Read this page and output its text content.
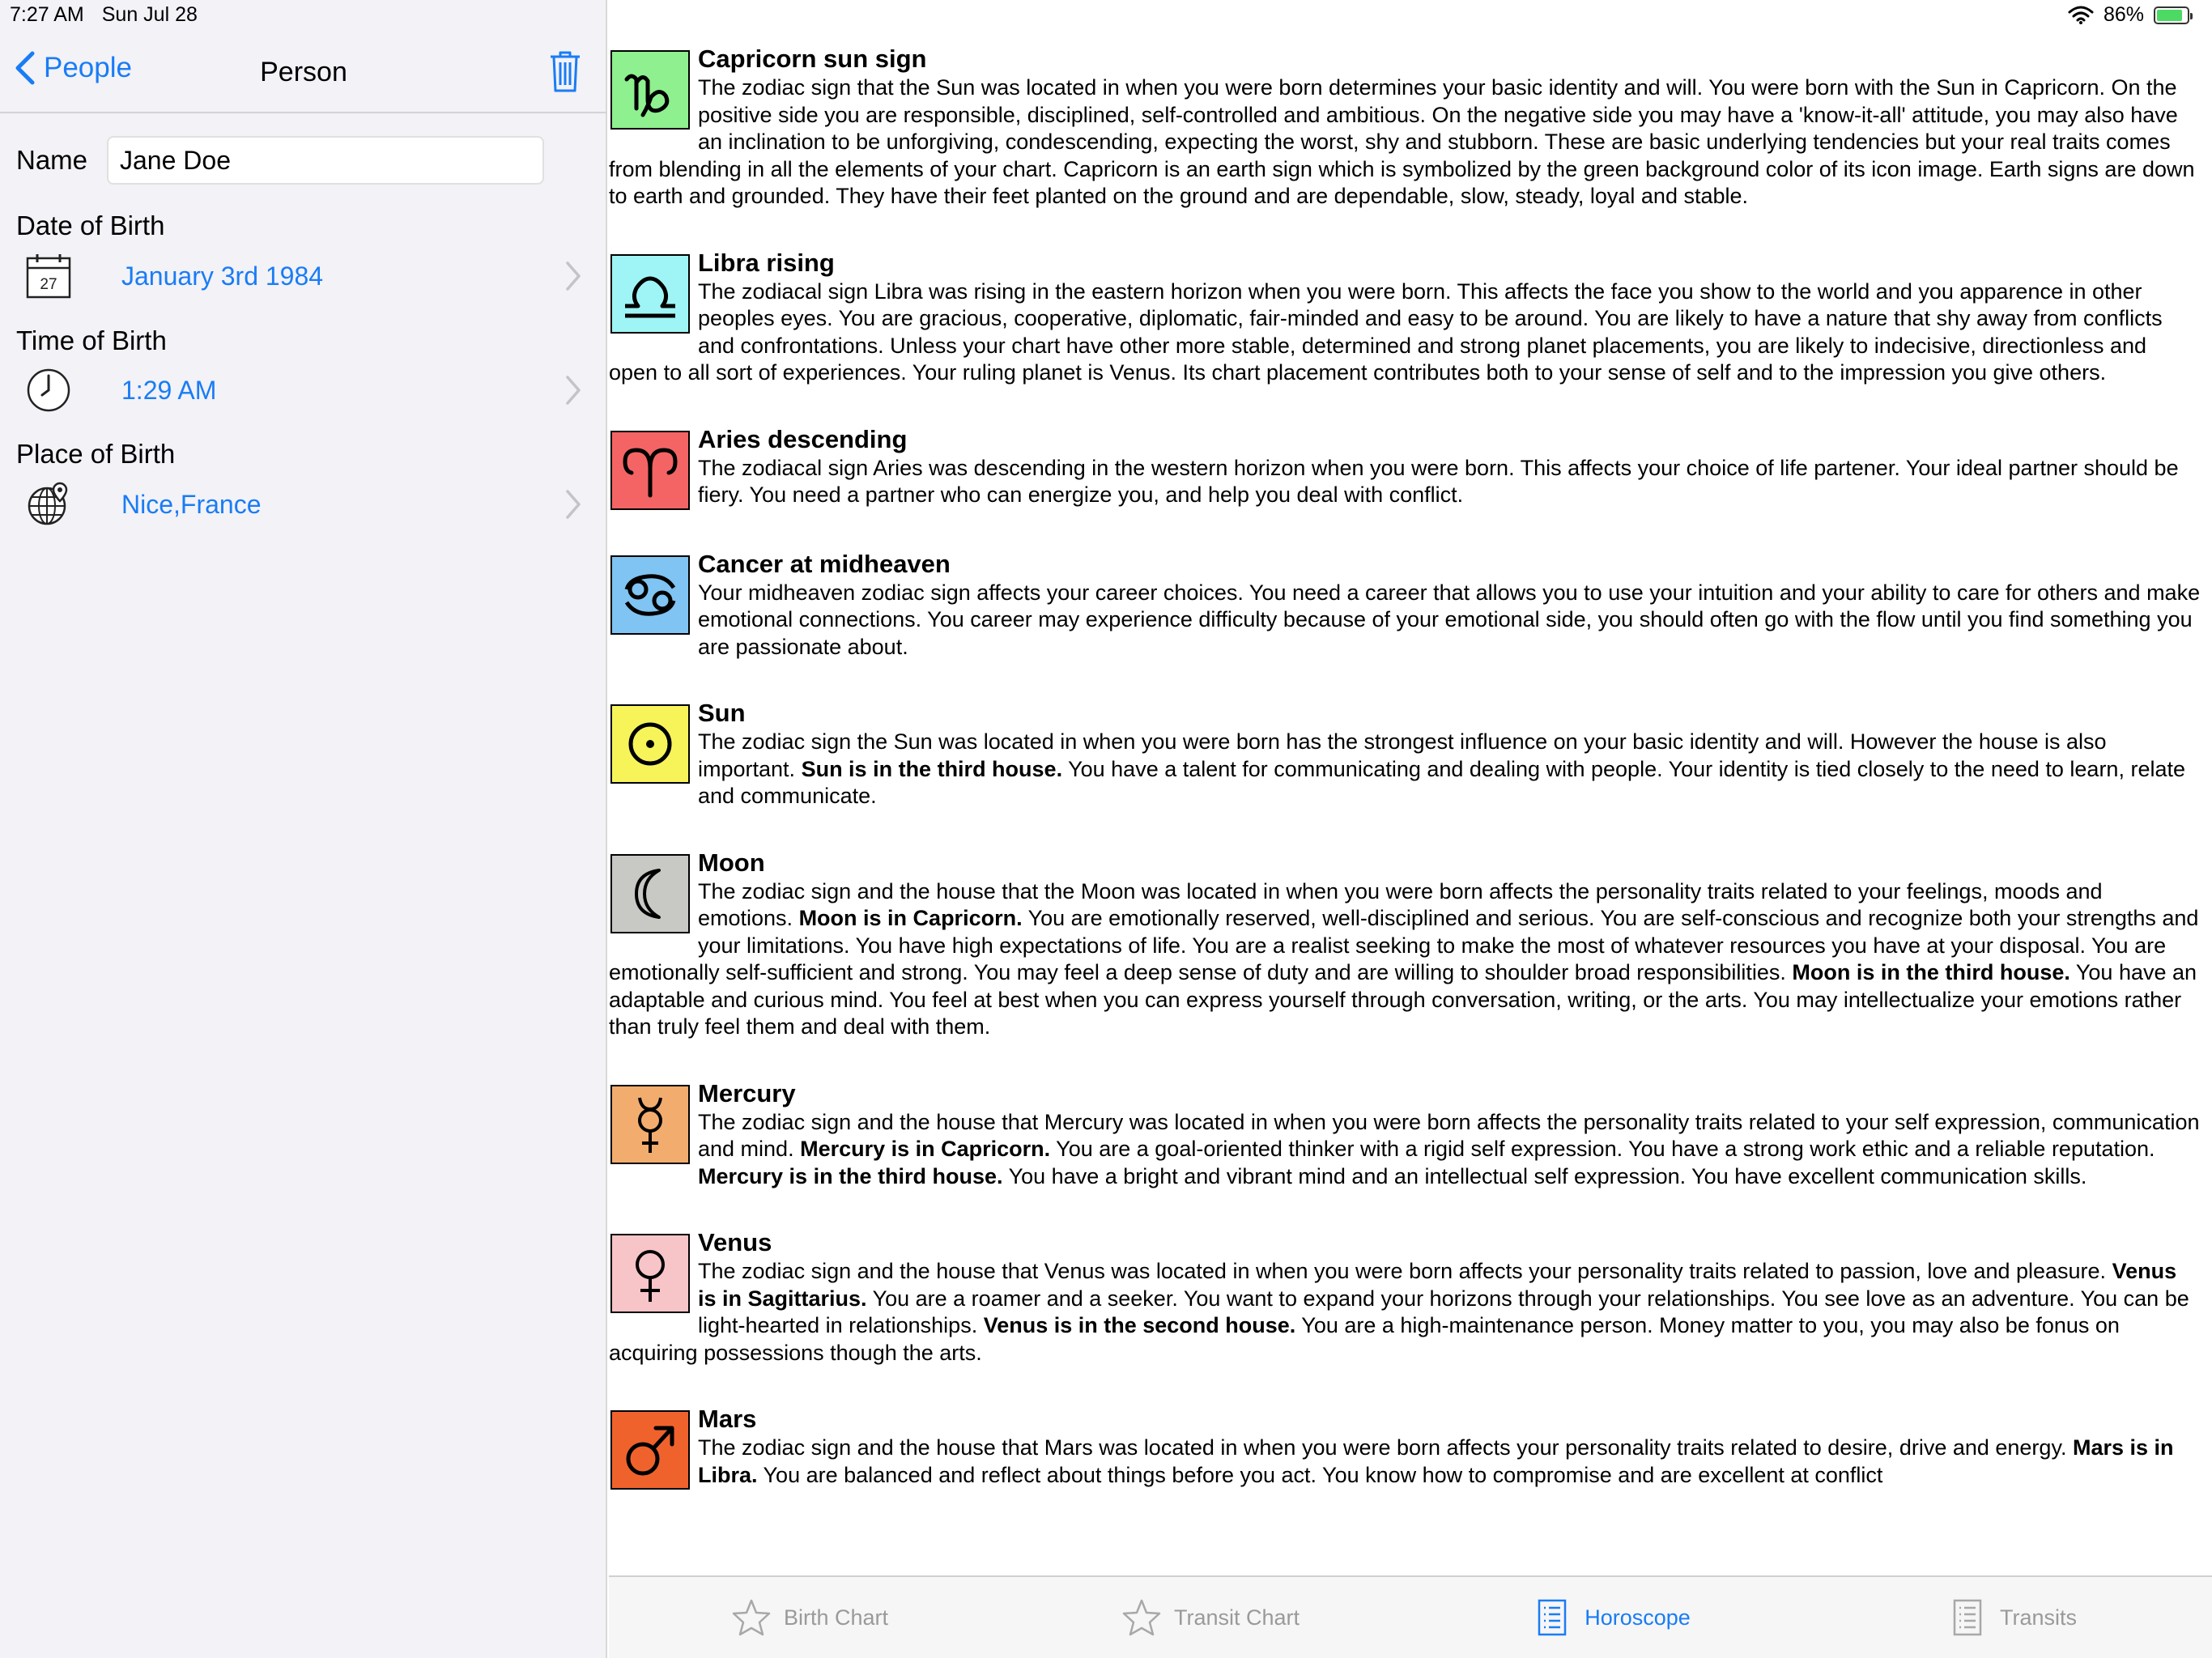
7:27 AM Sun Jul 28
People	Person
Name
Jane Doe
Date of Birth
27 January 3rd 1984
Time of Birth
1:29 AM
Place of Birth
Nice,France
86%
Capricorn sun sign

The zodiac sign that the Sun was located in when you were born determines your basic identity and will. You were born with the Sun in Capricorn. On the positive side you are responsible, disciplined, self-controlled and ambitious. On the negative side you may have a 'know-it-all' attitude, you may also have an inclination to be unforgiving, condescending, expecting the worst, shy and stubborn. These are basic underlying tendencies but your real traits comes from blending in all the elements of your chart. Capricorn is an earth sign which is symbolized by the green background color of its icon image. Earth signs are down to earth and grounded. They have their feet planted on the ground and are dependable, slow, steady, loyal and stable.

Libra rising

The zodiacal sign Libra was rising in the eastern horizon when you were born. This affects the face you show to the world and you apparence in other peoples eyes. You are gracious, cooperative, diplomatic, fair-minded and easy to be around. You are likely to have a nature that shy away from conflicts and confrontations. Unless your chart have other more stable, determined and strong planet placements, you are likely to indecisive, directionless and open to all sort of experiences. Your ruling planet is Venus. Its chart placement contributes both to your sense of self and to the impression you give others.

Aries descending

The zodiacal sign Aries was descending in the western horizon when you were born. This affects your choice of life partener. Your ideal partner should be fiery. You need a partner who can energize you, and help you deal with conflict.

Cancer at midheaven

Your midheaven zodiac sign affects your career choices. You need a career that allows you to use your intuition and your ability to care for others and make emotional connections. You career may experience difficulty because of your emotional side, you should often go with the flow until you find something you are passionate about.

Sun

The zodiac sign the Sun was located in when you were born has the strongest influence on your basic identity and will. However the house is also important. Sun is in the third house. You have a talent for communicating and dealing with people. Your identity is tied closely to the need to learn, relate and communicate.

Moon

The zodiac sign and the house that the Moon was located in when you were born affects the personality traits related to your feelings, moods and emotions. Moon is in Capricorn. You are emotionally reserved, well-disciplined and serious. You are self-conscious and recognize both your strengths and your limitations. You have high expectations of life. You are a realist seeking to make the most of whatever resources you have at your disposal. You are emotionally self-sufficient and strong. You may feel a deep sense of duty and are willing to shoulder broad responsibilities. Moon is in the third house. You have an adaptable and curious mind. You feel at best when you can express yourself through conversation, writing, or the arts. You may intellectualize your emotions rather than truly feel them and deal with them.

Mercury

The zodiac sign and the house that Mercury was located in when you were born affects the personality traits related to your self expression, communication and mind. Mercury is in Capricorn. You are a goal-oriented thinker with a rigid self expression. You have a strong work ethic and a reliable reputation. Mercury is in the third house. You have a bright and vibrant mind and an intellectual self expression. You have excellent communication skills.

Venus

The zodiac sign and the house that Venus was located in when you were born affects your personality traits related to passion, love and pleasure. Venus is in Sagittarius. You are a roamer and a seeker. You want to expand your horizons through your relationships. You see love as an adventure. You can be light-hearted in relationships. Venus is in the second house. You are a high-maintenance person. Money matter to you, you may also be fonus on acquiring possessions though the arts.

Mars

The zodiac sign and the house that Mars was located in when you were born affects your personality traits related to desire, drive and energy. Mars is in Libra. You are balanced and reflect about things before you act. You know how to compromise and are excellent at conflict

Birth Chart	Transit Chart	Horoscope	Transits
